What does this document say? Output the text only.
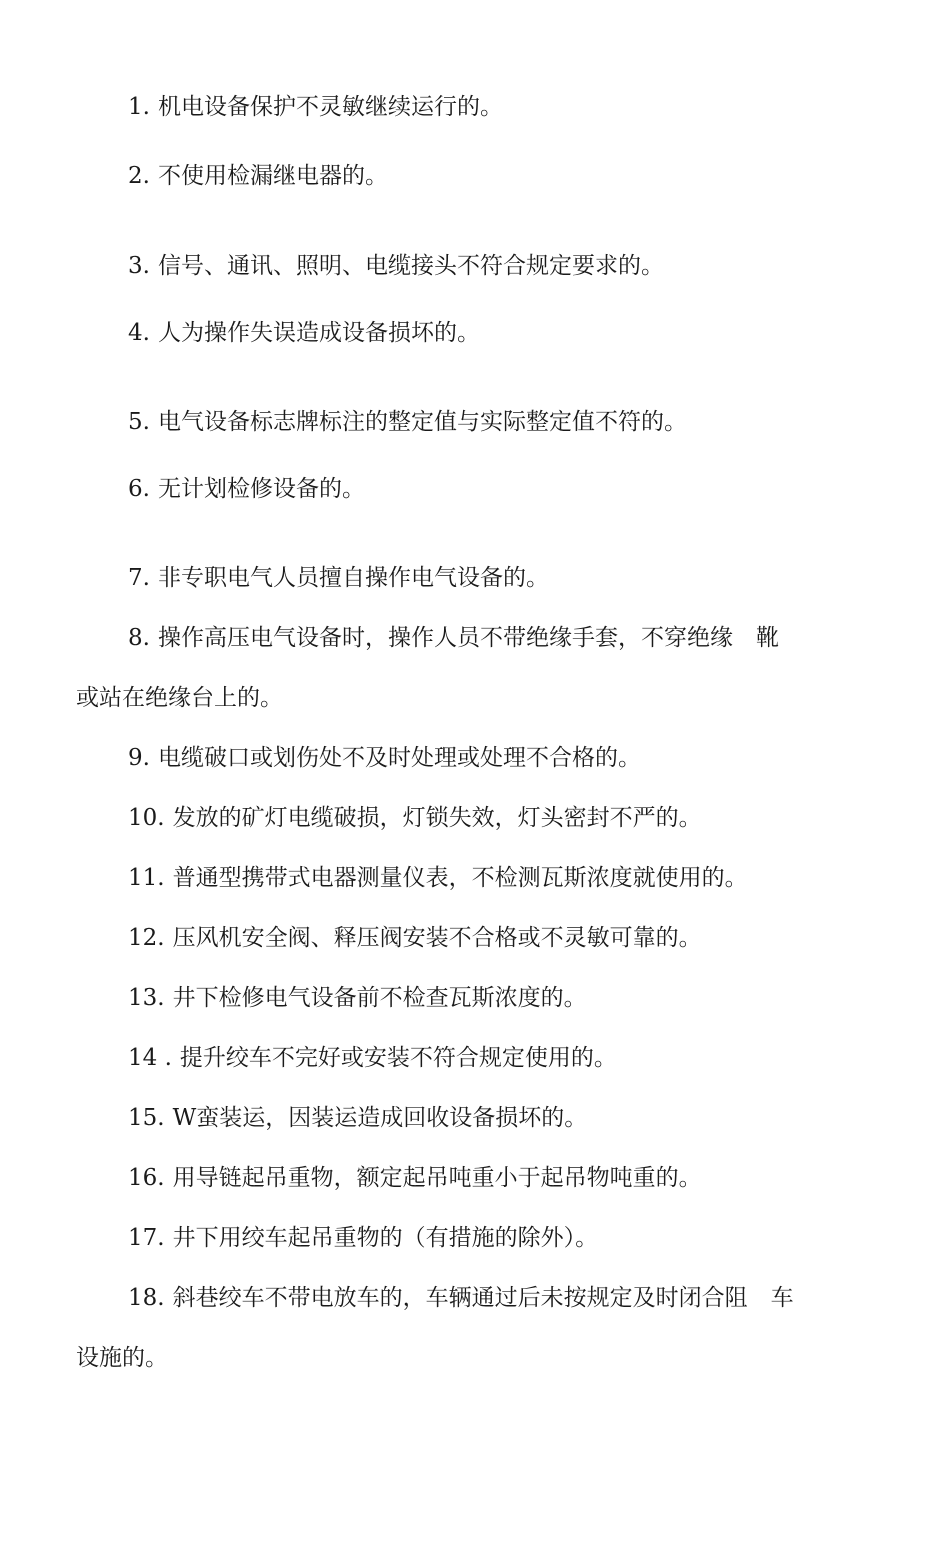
1. 机电设备保护不灵敏继续运行的。
2. 不使用检漏继电器的。
3. 信号、通讯、照明、电缆接头不符合规定要求的。
4. 人为操作失误造成设备损坏的。
5. 电气设备标志牌标注的整定值与实际整定值不符的。
6. 无计划检修设备的。
7. 非专职电气人员擅自操作电气设备的。
8. 操作高压电气设备时，操作人员不带绝缘手套，不穿绝缘　靴
或站在绝缘台上的。
9. 电缆破口或划伤处不及时处理或处理不合格的。
10. 发放的矿灯电缆破损，灯锁失效，灯头密封不严的。
11. 普通型携带式电器测量仪表，不检测瓦斯浓度就使用的。
12. 压风机安全阀、释压阀安装不合格或不灵敏可靠的。
13. 井下检修电气设备前不检查瓦斯浓度的。
14 . 提升绞车不完好或安装不符合规定使用的。
15. W蛮装运，因装运造成回收设备损坏的。
16. 用导链起吊重物，额定起吊吨重小于起吊物吨重的。
17. 井下用绞车起吊重物的（有措施的除外）。
18. 斜巷绞车不带电放车的，车辆通过后未按规定及时闭合阻　车
设施的。
